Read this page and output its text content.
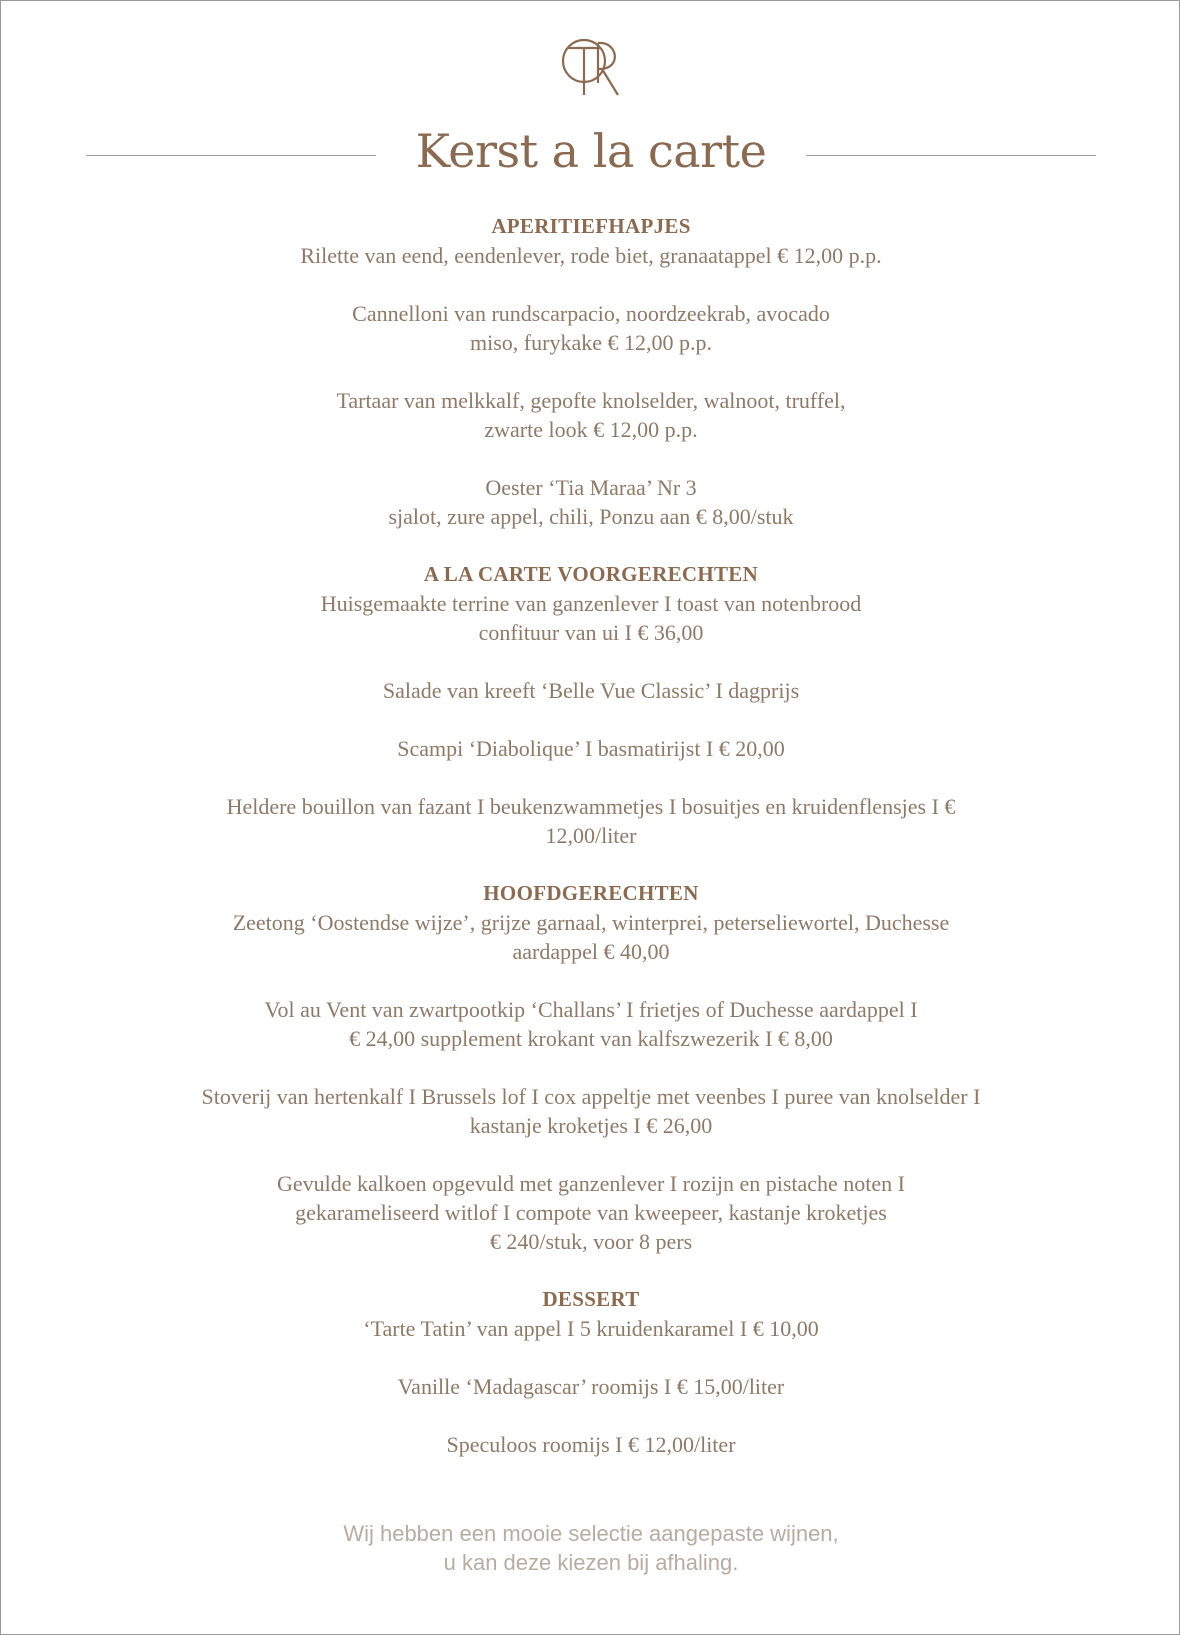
Kerst a la carte
APERITIEFHAPJES
Rilette van eend, eendenlever, rode biet, granaatappel € 12,00 p.p.
Cannelloni van rundscarpacio, noordzeekrab, avocado
miso, furykake € 12,00 p.p.
Tartaar van melkkalf, gepofte knolselder, walnoot, truffel,
zwarte look € 12,00 p.p.
Oester ‘Tia Maraa’ Nr 3
sjalot, zure appel, chili, Ponzu aan € 8,00/stuk
A LA CARTE VOORGERECHTEN
Huisgemaakte terrine van ganzenlever I toast van notenbrood
confituur van ui I € 36,00
Salade van kreeft ‘Belle Vue Classic’ I dagprijs
Scampi ‘Diabolique’ I basmatirijst I € 20,00
Heldere bouillon van fazant I beukenzwammetjes I bosuitjes en kruidenflensjes I €
12,00/liter
HOOFDGERECHTEN
Zeetong ‘Oostendse wijze’, grijze garnaal, winterprei, peterseliewortel, Duchesse
aardappel € 40,00
Vol au Vent van zwartpootkip ‘Challans’ I frietjes of Duchesse aardappel I
€ 24,00 supplement krokant van kalfszwezerik I € 8,00
Stoverij van hertenkalf I Brussels lof I cox appeltje met veenbes I puree van knolselder I
kastanje kroketjes I € 26,00
Gevulde kalkoen opgevuld met ganzenlever I rozijn en pistache noten I
gekarameliseerd witlof I compote van kweepeer, kastanje kroketjes
€ 240/stuk, voor 8 pers
DESSERT
‘Tarte Tatin’ van appel I 5 kruidenkaramel I € 10,00
Vanille ‘Madagascar’ roomijs I € 15,00/liter
Speculoos roomijs I € 12,00/liter
Wij hebben een mooie selectie aangepaste wijnen,
u kan deze kiezen bij afhaling.
